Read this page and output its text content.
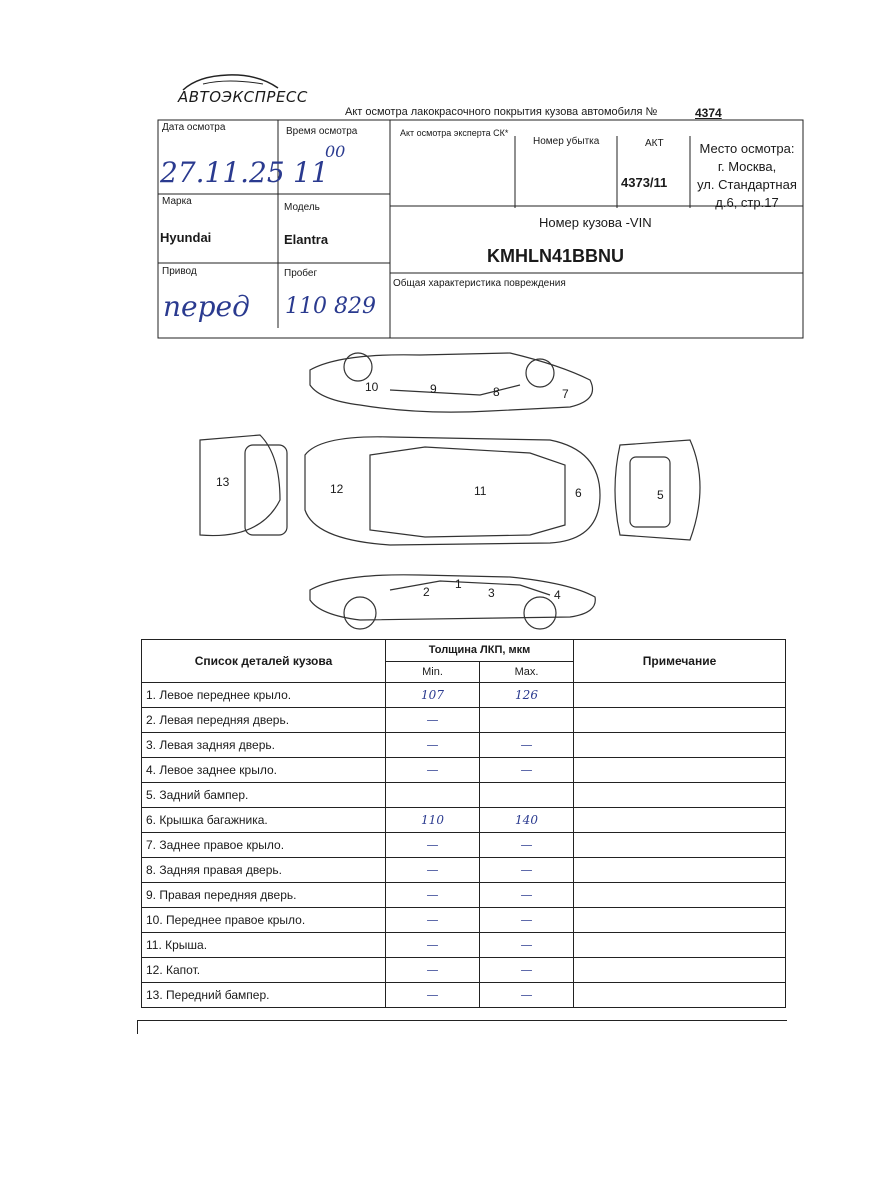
АВТОЭКСПРЕСС
Акт осмотра лакокрасочного покрытия кузова автомобиля №	4374
Дата осмотра
27.11.25
Время осмотра
11
00
Акт осмотра эксперта СК*
Номер убытка	АКТ
4373/11
Место осмотра:
г. Москва,
ул. Стандартная
д.6, стр.17
Марка
Hyundai
Модель
Elantra
Номер кузова -VIN
KMHLN41BBNU
Привод
перед
Пробег
110 829
Общая характеристика повреждения
10	9	8	7
13	12	11	6	5
1
2	3	4
Список деталей кузова	Толщина ЛКП, мкм		Примечание
	Min.	Max.	
1. Левое переднее крыло.	107	126	
2. Левая передняя дверь.	—		
3. Левая задняя дверь.	—	—	
4. Левое заднее крыло.	—	—	
5. Задний бампер.			
6. Крышка багажника.	110	140	
7. Заднее правое крыло.	—	—	
8. Задняя правая дверь.	—	—	
9. Правая передняя дверь.	—	—	
10. Переднее правое крыло.	—	—	
11. Крыша.	—	—	
12. Капот.	—	—	
13. Передний бампер.	—	—	
